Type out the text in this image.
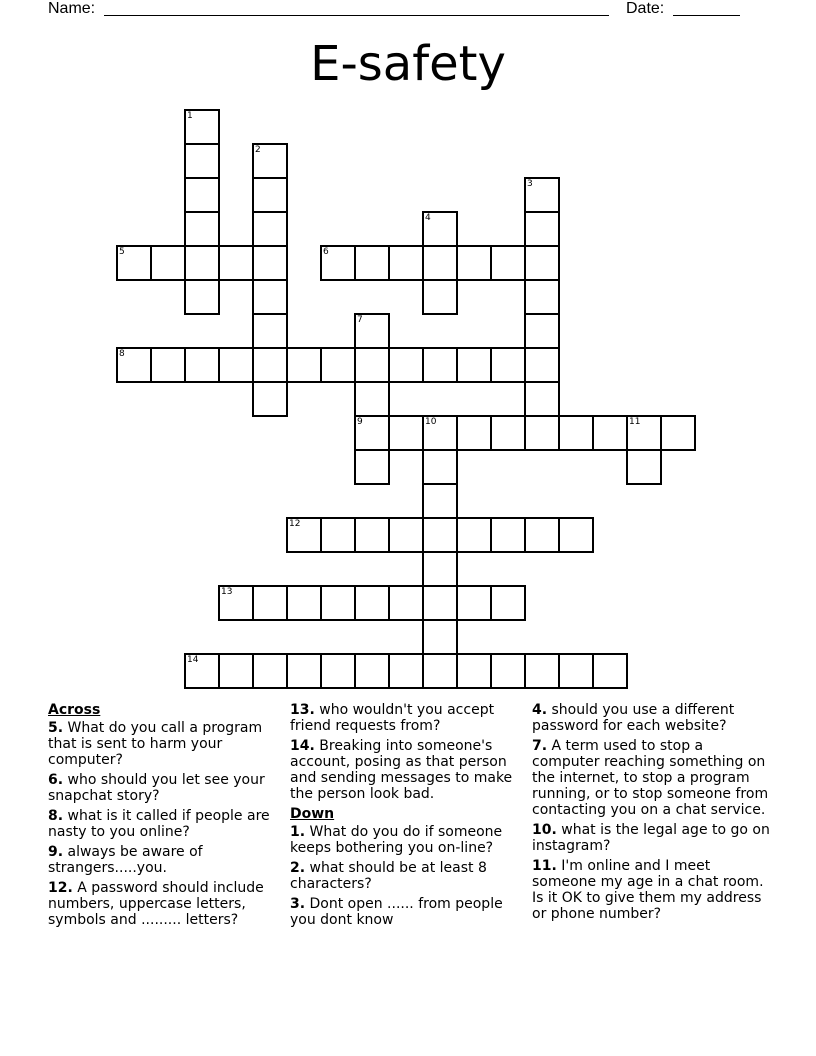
Name:	Date:
E-safety
1
2
3
4
5	6
7
9
8
10	11
12
13
14
Across
5. What do you call a program that is sent to harm your computer?
6. who should you let see your snapchat story?
8. what is it called if people are nasty to you online?
9. always be aware of strangers.....you.
12. A password should include numbers, uppercase letters, symbols and ......... letters?
13. who wouldn't you accept friend requests from?
14. Breaking into someone's account, posing as that person and sending messages to make the person look bad.
Down
1. What do you do if someone keeps bothering you on-line?
2. what should be at least 8 characters?
3. Dont open ...... from people you dont know
4. should you use a different password for each website?
7. A term used to stop a computer reaching something on the internet, to stop a program running, or to stop someone from contacting you on a chat service.
10. what is the legal age to go on instagram?
11. I'm online and I meet someone my age in a chat room. Is it OK to give them my address or phone number?
